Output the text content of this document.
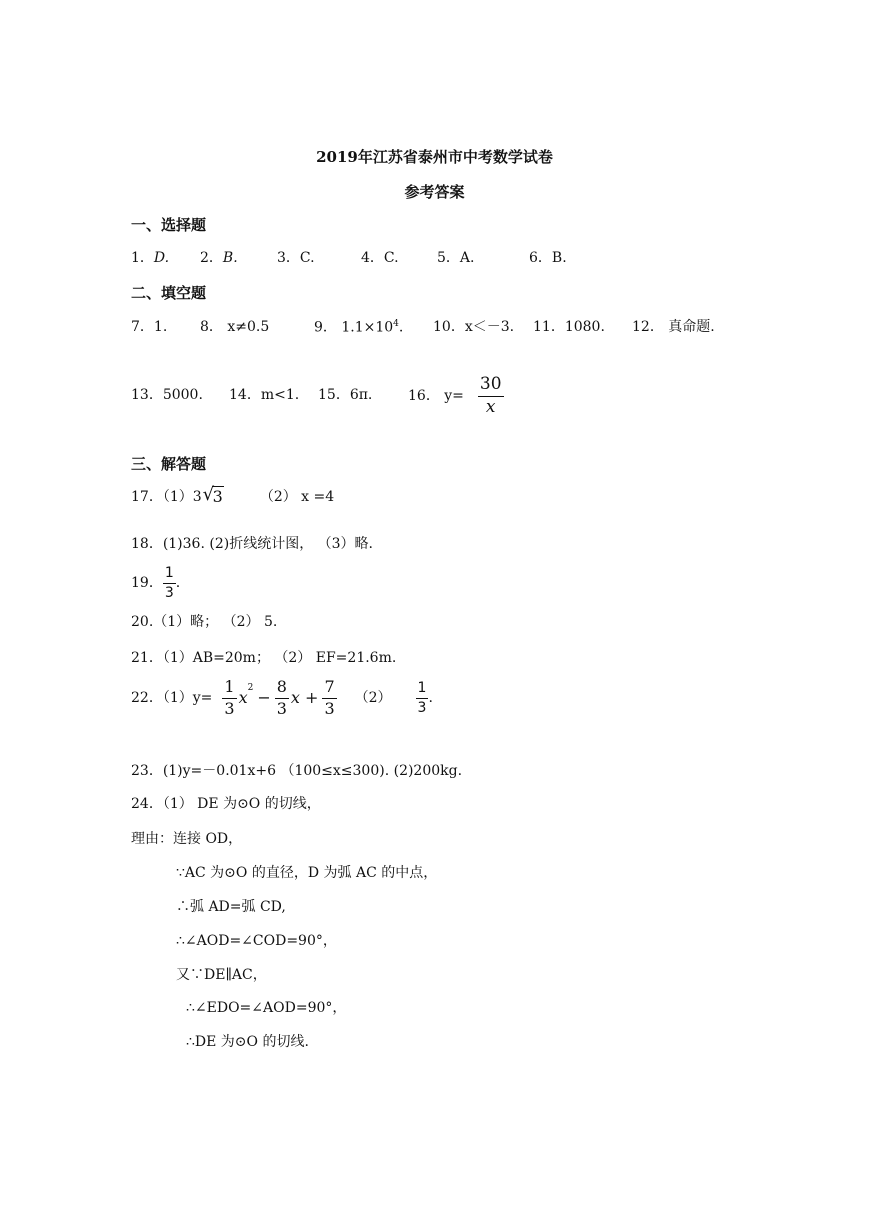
2019年江苏省泰州市中考数学试卷
参考答案
一、选择题
1．D. 2．B.	3．C.	4．C.	5．A.	6．B.
二、填空题
7．1. 8． x≠0.5	9． $1.1\times 10^4$. 10．x＜－3. 11．1080. 12． 真命题.
13．5000. 14．m<1. 15．6π.	16． $y= \frac{30}{x}$
三、解答题
17．（1）3 √
3	（2） x =4
18．(1)36. (2)折线统计图， （3）略.
19． $\frac{1}{3}$ .
20.（1）略； （2） 5.
21．（1）AB=20m； （2） EF=21.6m.
22．$(1)y= \frac{1}{3} x^2 - \frac{8}{3}$ $x + \frac{7}{3} (2) \frac{1}{3}$ .
23．(1)y=－0.01x+6 （100≤x≤300). (2)200kg.
24．（1） DE 为⊙O 的切线，
理由：连接 OD，
∵AC 为⊙O 的直径，D 为弧 AC 的中点，
∴弧 AD=弧 CD,
∴∠AOD=∠COD=90°，
又∵DE∥AC，
∴∠EDO=∠AOD=90°，
∴DE 为⊙O 的切线.
